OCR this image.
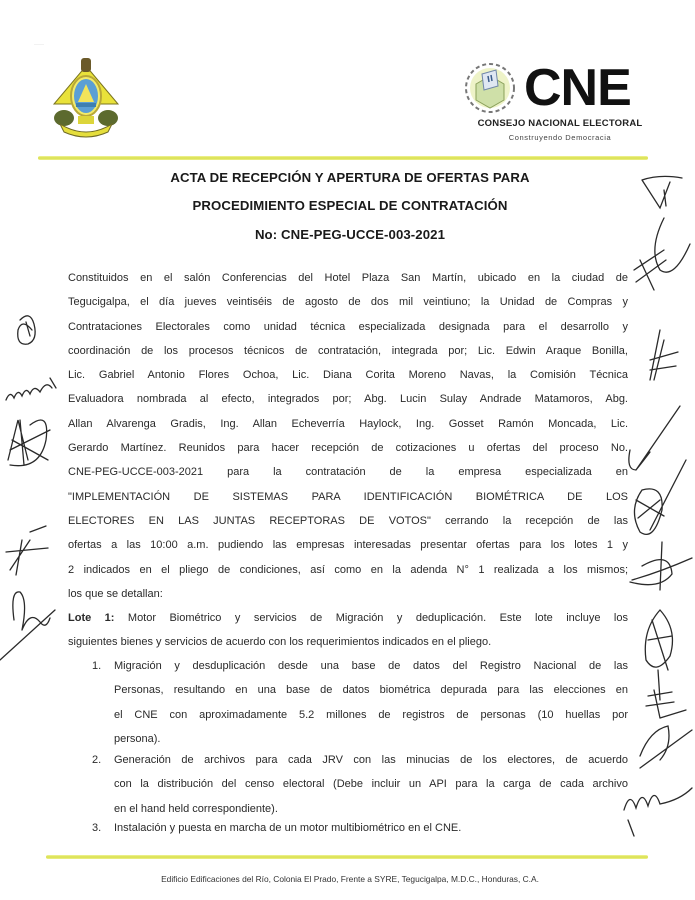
··········
CNE
CONSEJO NACIONAL ELECTORAL
Construyendo Democracia
ACTA DE RECEPCIÓN Y APERTURA DE OFERTAS PARA
PROCEDIMIENTO ESPECIAL DE CONTRATACIÓN
No: CNE-PEG-UCCE-003-2021
Constituidos en el salón Conferencias del Hotel Plaza San Martín, ubicado en la ciudad de
Tegucigalpa, el día jueves veintiséis de agosto de dos mil veintiuno; la Unidad de Compras y
Contrataciones Electorales como unidad técnica especializada designada para el desarrollo y
coordinación de los procesos técnicos de contratación, integrada por; Lic. Edwin Araque Bonilla,
Lic. Gabriel Antonio Flores Ochoa, Lic. Diana Corita Moreno Navas, la Comisión Técnica
Evaluadora nombrada al efecto, integrados por; Abg. Lucin Sulay Andrade Matamoros, Abg.
Allan Alvarenga Gradis, Ing. Allan Echeverría Haylock, Ing. Gosset Ramón Moncada, Lic.
Gerardo Martínez. Reunidos para hacer recepción de cotizaciones u ofertas del proceso No.
CNE-PEG-UCCE-003-2021 para la contratación de la empresa especializada en
"IMPLEMENTACIÓN DE SISTEMAS PARA IDENTIFICACIÓN BIOMÉTRICA DE LOS
ELECTORES EN LAS JUNTAS RECEPTORAS DE VOTOS" cerrando la recepción de las
ofertas a las 10:00 a.m. pudiendo las empresas interesadas presentar ofertas para los lotes 1 y
2 indicados en el pliego de condiciones, así como en la adenda N° 1 realizada a los mismos;
los que se detallan:
Lote 1: Motor Biométrico y servicios de Migración y deduplicación. Este lote incluye los
siguientes bienes y servicios de acuerdo con los requerimientos indicados en el pliego.
1. Migración y desduplicación desde una base de datos del Registro Nacional de las
Personas, resultando en una base de datos biométrica depurada para las elecciones en
el CNE con aproximadamente 5.2 millones de registros de personas (10 huellas por
persona).
2. Generación de archivos para cada JRV con las minucias de los electores, de acuerdo
con la distribución del censo electoral (Debe incluir un API para la carga de cada archivo
en el hand held correspondiente).
3. Instalación y puesta en marcha de un motor multibiométrico en el CNE.
Edificio Edificaciones del Río, Colonia El Prado, Frente a SYRE, Tegucigalpa, M.D.C., Honduras, C.A.
